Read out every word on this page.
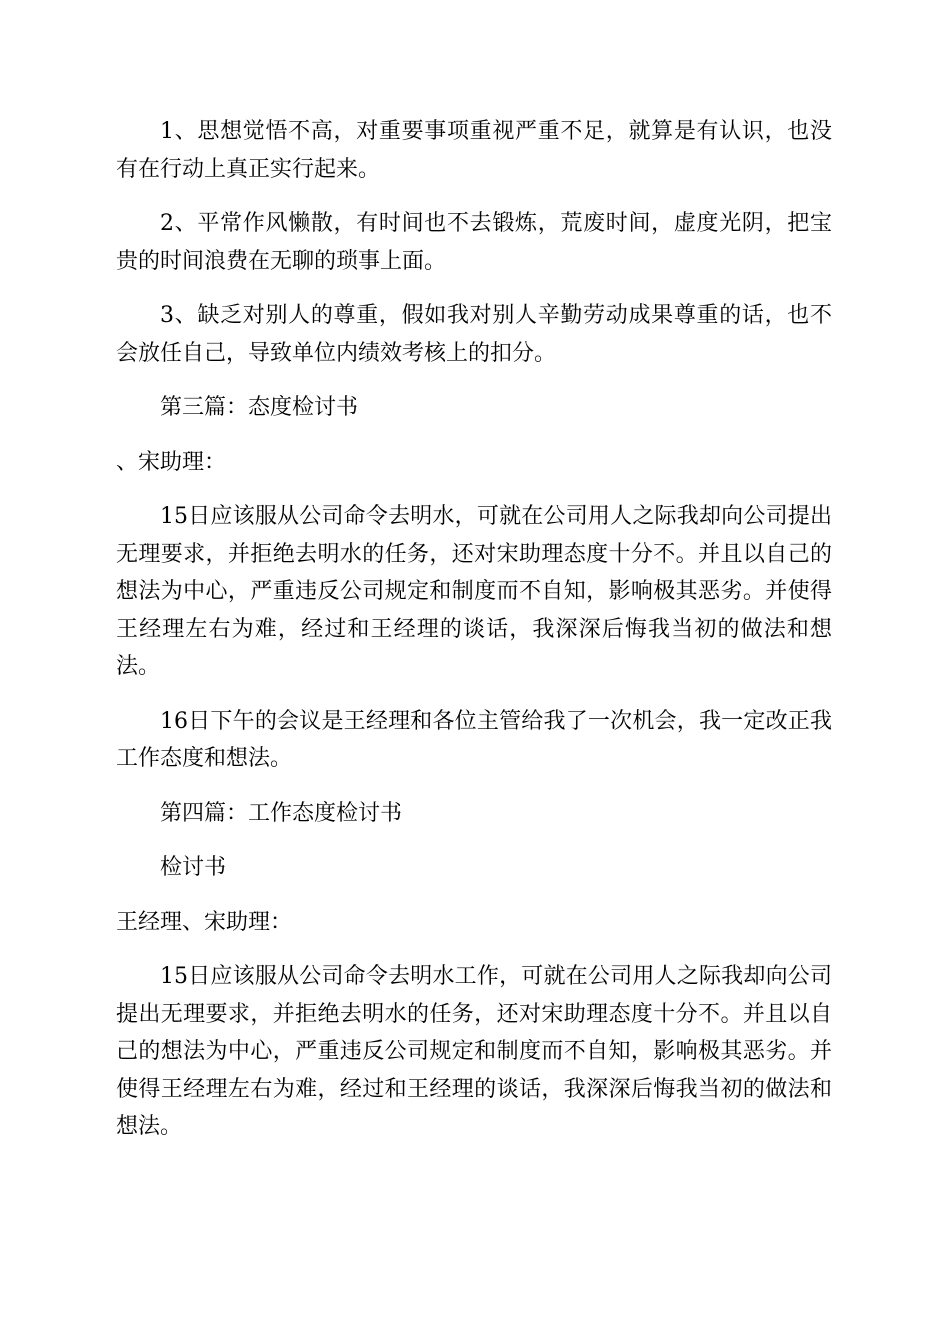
1、思想觉悟不高，对重要事项重视严重不足，就算是有认识，也没有在行动上真正实行起来。

2、平常作风懒散，有时间也不去锻炼，荒废时间，虚度光阴，把宝贵的时间浪费在无聊的琐事上面。

3、缺乏对别人的尊重，假如我对别人辛勤劳动成果尊重的话，也不会放任自己，导致单位内绩效考核上的扣分。

第三篇：态度检讨书

、宋助理：

15日应该服从公司命令去明水，可就在公司用人之际我却向公司提出无理要求，并拒绝去明水的任务，还对宋助理态度十分不。并且以自己的想法为中心，严重违反公司规定和制度而不自知，影响极其恶劣。并使得王经理左右为难，经过和王经理的谈话，我深深后悔我当初的做法和想法。

16日下午的会议是王经理和各位主管给我了一次机会，我一定改正我工作态度和想法。

第四篇：工作态度检讨书

检讨书

王经理、宋助理：

15日应该服从公司命令去明水工作，可就在公司用人之际我却向公司提出无理要求，并拒绝去明水的任务，还对宋助理态度十分不。并且以自己的想法为中心，严重违反公司规定和制度而不自知，影响极其恶劣。并使得王经理左右为难，经过和王经理的谈话，我深深后悔我当初的做法和想法。
